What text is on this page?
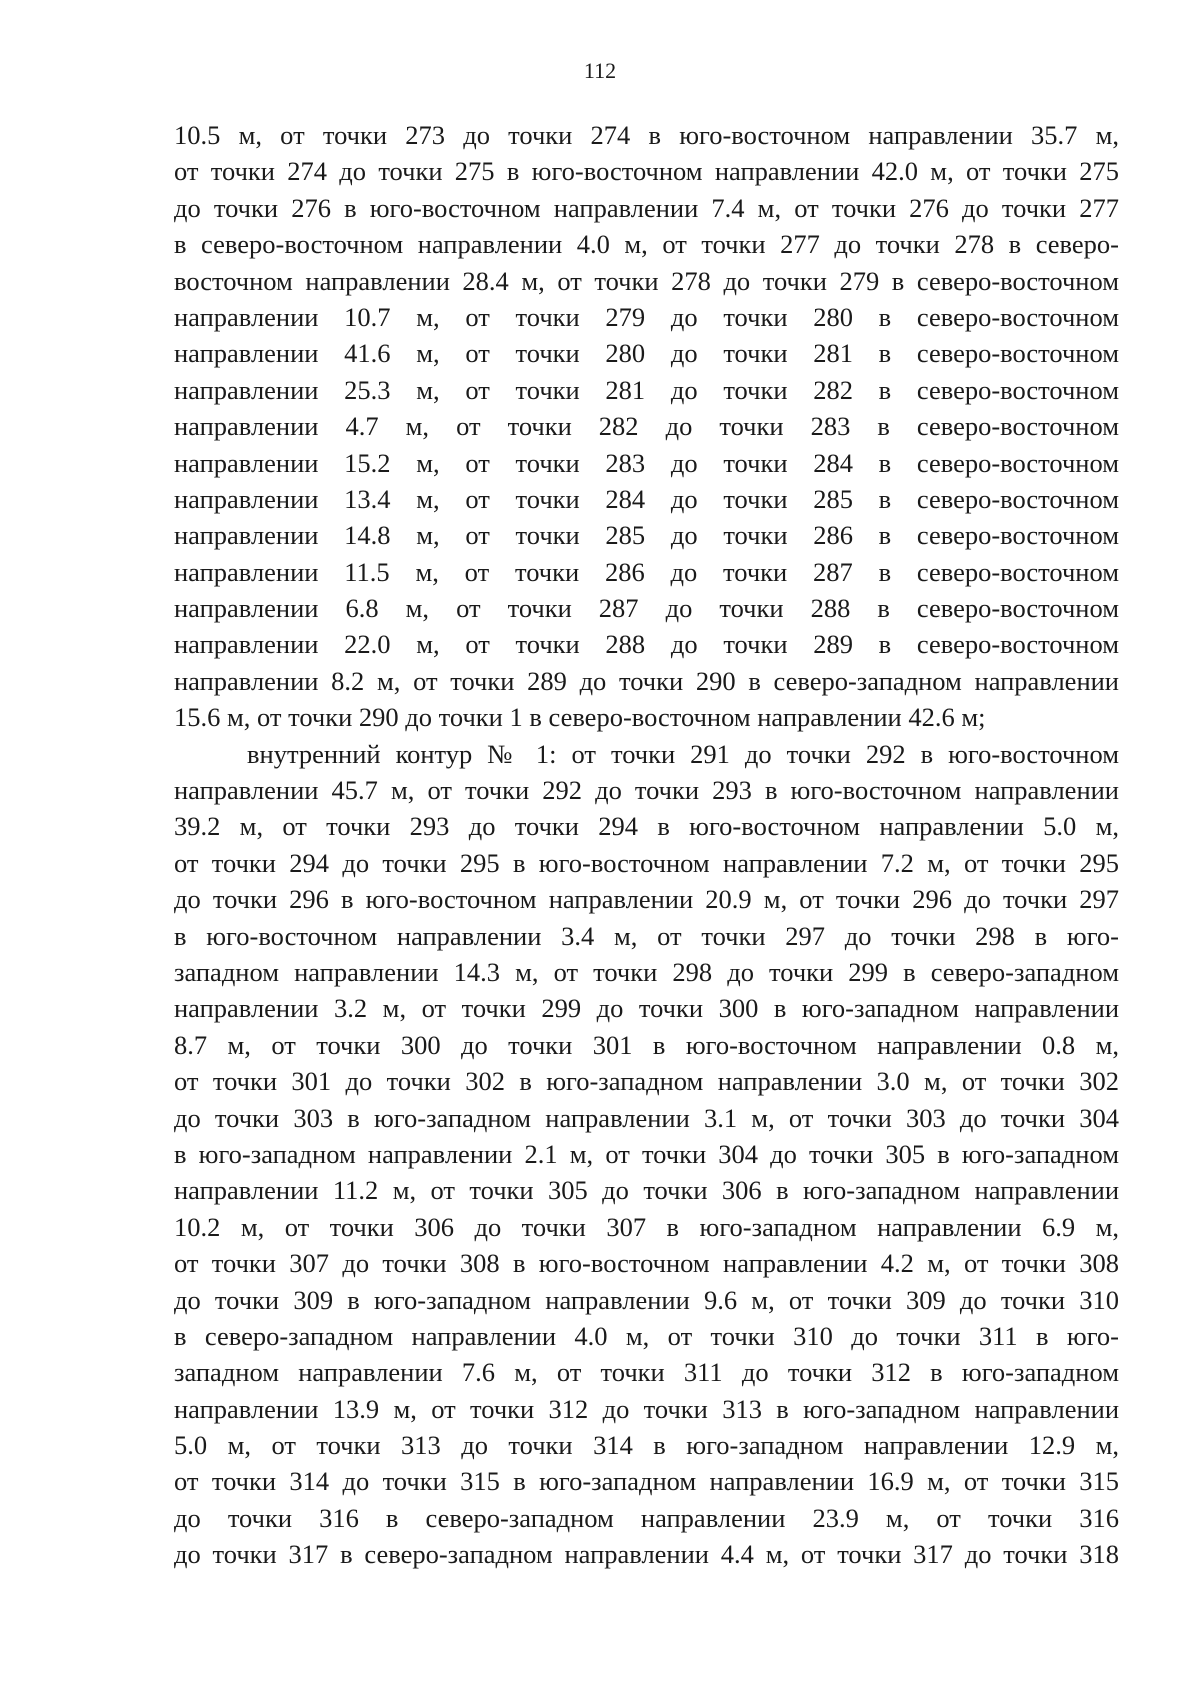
112
10.5 м, от точки 273 до точки 274 в юго-восточном направлении 35.7 м,
от точки 274 до точки 275 в юго-восточном направлении 42.0 м, от точки 275
до точки 276 в юго-восточном направлении 7.4 м, от точки 276 до точки 277
в северо-восточном направлении 4.0 м, от точки 277 до точки 278 в северо-
восточном направлении 28.4 м, от точки 278 до точки 279 в северо-восточном
направлении 10.7 м, от точки 279 до точки 280 в северо-восточном
направлении 41.6 м, от точки 280 до точки 281 в северо-восточном
направлении 25.3 м, от точки 281 до точки 282 в северо-восточном
направлении 4.7 м, от точки 282 до точки 283 в северо-восточном
направлении 15.2 м, от точки 283 до точки 284 в северо-восточном
направлении 13.4 м, от точки 284 до точки 285 в северо-восточном
направлении 14.8 м, от точки 285 до точки 286 в северо-восточном
направлении 11.5 м, от точки 286 до точки 287 в северо-восточном
направлении 6.8 м, от точки 287 до точки 288 в северо-восточном
направлении 22.0 м, от точки 288 до точки 289 в северо-восточном
направлении 8.2 м, от точки 289 до точки 290 в северо-западном направлении
15.6 м, от точки 290 до точки 1 в северо-восточном направлении 42.6 м;
внутренний контур № 1: от точки 291 до точки 292 в юго-восточном
направлении 45.7 м, от точки 292 до точки 293 в юго-восточном направлении
39.2 м, от точки 293 до точки 294 в юго-восточном направлении 5.0 м,
от точки 294 до точки 295 в юго-восточном направлении 7.2 м, от точки 295
до точки 296 в юго-восточном направлении 20.9 м, от точки 296 до точки 297
в юго-восточном направлении 3.4 м, от точки 297 до точки 298 в юго-
западном направлении 14.3 м, от точки 298 до точки 299 в северо-западном
направлении 3.2 м, от точки 299 до точки 300 в юго-западном направлении
8.7 м, от точки 300 до точки 301 в юго-восточном направлении 0.8 м,
от точки 301 до точки 302 в юго-западном направлении 3.0 м, от точки 302
до точки 303 в юго-западном направлении 3.1 м, от точки 303 до точки 304
в юго-западном направлении 2.1 м, от точки 304 до точки 305 в юго-западном
направлении 11.2 м, от точки 305 до точки 306 в юго-западном направлении
10.2 м, от точки 306 до точки 307 в юго-западном направлении 6.9 м,
от точки 307 до точки 308 в юго-восточном направлении 4.2 м, от точки 308
до точки 309 в юго-западном направлении 9.6 м, от точки 309 до точки 310
в северо-западном направлении 4.0 м, от точки 310 до точки 311 в юго-
западном направлении 7.6 м, от точки 311 до точки 312 в юго-западном
направлении 13.9 м, от точки 312 до точки 313 в юго-западном направлении
5.0 м, от точки 313 до точки 314 в юго-западном направлении 12.9 м,
от точки 314 до точки 315 в юго-западном направлении 16.9 м, от точки 315
до точки 316 в северо-западном направлении 23.9 м, от точки 316
до точки 317 в северо-западном направлении 4.4 м, от точки 317 до точки 318
